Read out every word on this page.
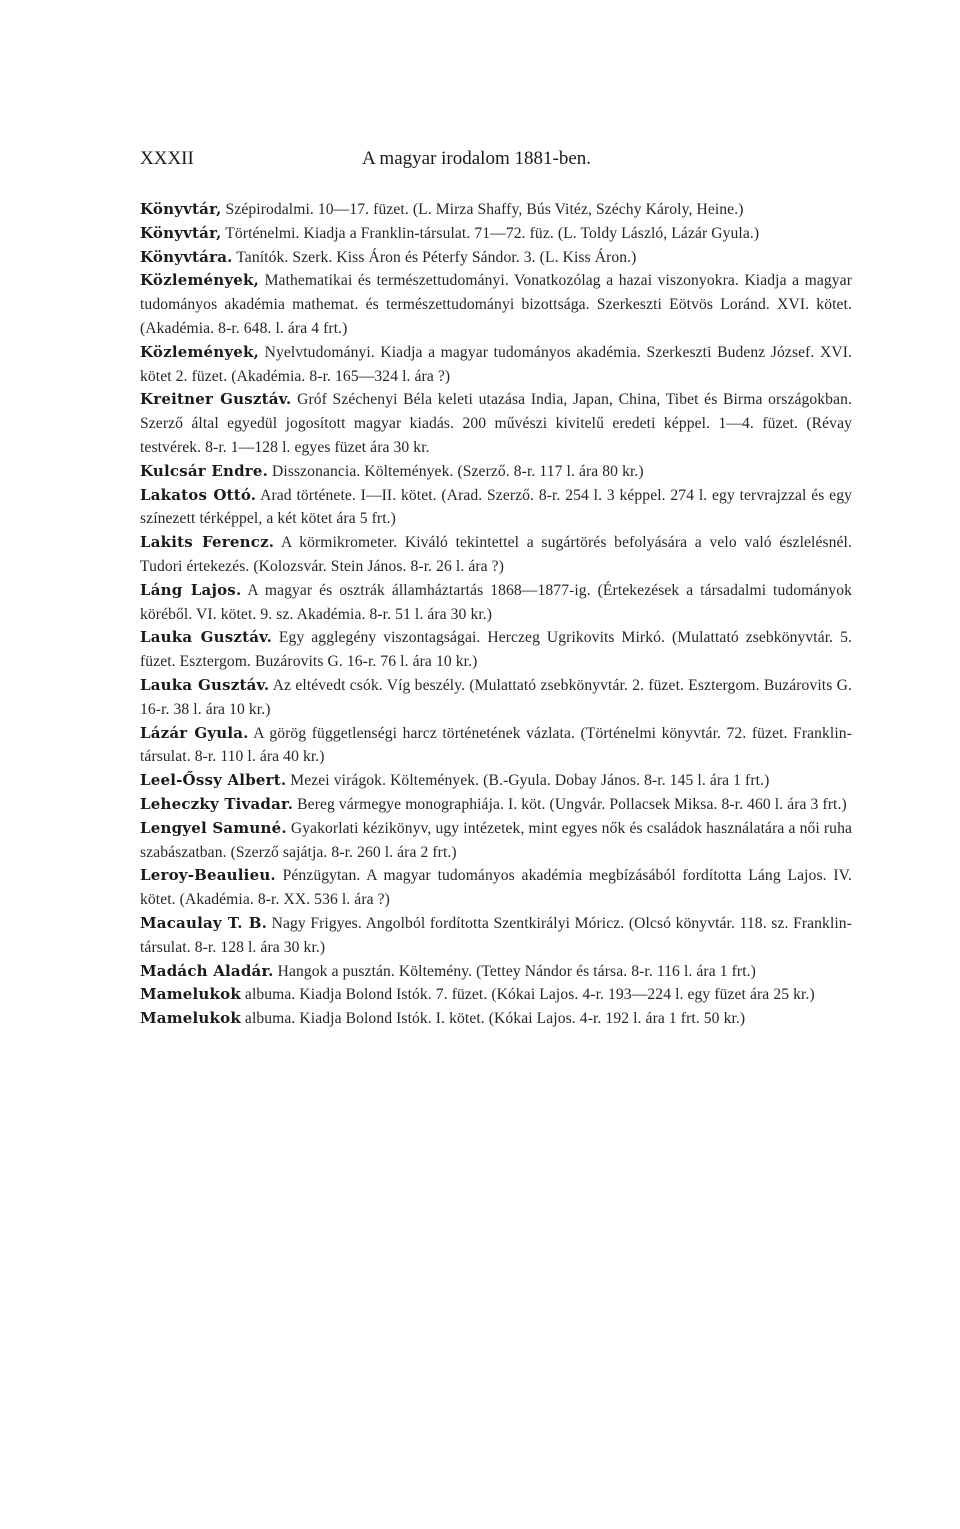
XXXII	A magyar irodalom 1881-ben.

Könyvtár, Szépirodalmi. 10—17. füzet. (L. Mirza Shaffy, Bús Vitéz, Széchy Károly, Heine.)

Könyvtár, Történelmi. Kiadja a Franklin-társulat. 71—72. füz. (L. Toldy László, Lázár Gyula.)

Könyvtára. Tanítók. Szerk. Kiss Áron és Péterfy Sándor. 3. (L. Kiss Áron.)

Közlemények, Mathematikai és természettudományi. Vonatkozólag a hazai viszonyokra. Kiadja a magyar tudományos akadémia mathemat. és természettudományi bizottsága. Szerkeszti Eötvös Loránd. XVI. kötet. (Akadémia. 8-r. 648. l. ára 4 frt.)

Közlemények, Nyelvtudományi. Kiadja a magyar tudományos akadémia. Szerkeszti Budenz József. XVI. kötet 2. füzet. (Akadémia. 8-r. 165—324 l. ára ?)

Kreitner Gusztáv. Gróf Széchenyi Béla keleti utazása India, Japan, China, Tibet és Birma országokban. Szerző által egyedül jogosított magyar kiadás. 200 művészi kivitelű eredeti képpel. 1—4. füzet. (Révay testvérek. 8-r. 1—128 l. egyes füzet ára 30 kr.

Kulcsár Endre. Disszonancia. Költemények. (Szerző. 8-r. 117 l. ára 80 kr.)

Lakatos Ottó. Arad története. I—II. kötet. (Arad. Szerző. 8-r. 254 l. 3 képpel. 274 l. egy tervrajzzal és egy színezett térképpel, a két kötet ára 5 frt.)

Lakits Ferencz. A körmikrometer. Kiváló tekintettel a sugártörés befolyására a velo való észlelésnél. Tudori értekezés. (Kolozsvár. Stein János. 8-r. 26 l. ára ?)

Láng Lajos. A magyar és osztrák államháztartás 1868—1877-ig. (Értekezések a társadalmi tudományok köréből. VI. kötet. 9. sz. Akadémia. 8-r. 51 l. ára 30 kr.)

Lauka Gusztáv. Egy agglegény viszontagságai. Herczeg Ugrikovits Mirkó. (Mulattató zsebkönyvtár. 5. füzet. Esztergom. Buzárovits G. 16-r. 76 l. ára 10 kr.)

Lauka Gusztáv. Az eltévedt csók. Víg beszély. (Mulattató zsebkönyvtár. 2. füzet. Esztergom. Buzárovits G. 16-r. 38 l. ára 10 kr.)

Lázár Gyula. A görög függetlenségi harcz történetének vázlata. (Történelmi könyvtár. 72. füzet. Franklin-társulat. 8-r. 110 l. ára 40 kr.)

Leel-Őssy Albert. Mezei virágok. Költemények. (B.-Gyula. Dobay János. 8-r. 145 l. ára 1 frt.)

Leheczky Tivadar. Bereg vármegye monographiája. I. köt. (Ungvár. Pollacsek Miksa. 8-r. 460 l. ára 3 frt.)

Lengyel Samuné. Gyakorlati kézikönyv, ugy intézetek, mint egyes nők és családok használatára a női ruha szabászatban. (Szerző sajátja. 8-r. 260 l. ára 2 frt.)

Leroy-Beaulieu. Pénzügytan. A magyar tudományos akadémia megbízásából fordította Láng Lajos. IV. kötet. (Akadémia. 8-r. XX. 536 l. ára ?)

Macaulay T. B. Nagy Frigyes. Angolból fordította Szentkirályi Móricz. (Olcsó könyvtár. 118. sz. Franklin-társulat. 8-r. 128 l. ára 30 kr.)

Madách Aladár. Hangok a pusztán. Költemény. (Tettey Nándor és társa. 8-r. 116 l. ára 1 frt.)

Mamelukok albuma. Kiadja Bolond Istók. 7. füzet. (Kókai Lajos. 4-r. 193—224 l. egy füzet ára 25 kr.)

Mamelukok albuma. Kiadja Bolond Istók. I. kötet. (Kókai Lajos. 4-r. 192 l. ára 1 frt. 50 kr.)
